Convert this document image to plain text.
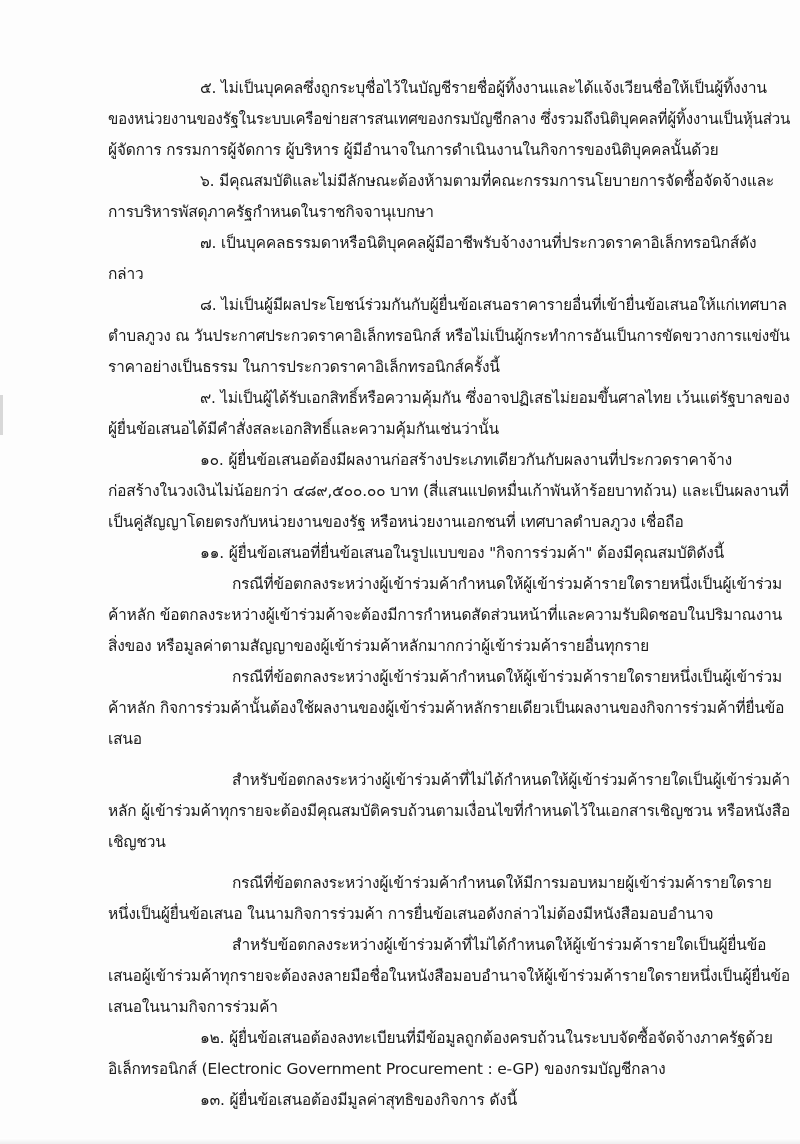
๕. ไม่เป็นบุคคลซึ่งถูกระบุชื่อไว้ในบัญชีรายชื่อผู้ทิ้งงานและได้แจ้งเวียนชื่อให้เป็นผู้ทิ้งงาน
ของหน่วยงานของรัฐในระบบเครือข่ายสารสนเทศของกรมบัญชีกลาง ซึ่งรวมถึงนิติบุคคลที่ผู้ทิ้งงานเป็นหุ้นส่วน
ผู้จัดการ กรรมการผู้จัดการ ผู้บริหาร ผู้มีอำนาจในการดำเนินงานในกิจการของนิติบุคคลนั้นด้วย
๖. มีคุณสมบัติและไม่มีลักษณะต้องห้ามตามที่คณะกรรมการนโยบายการจัดซื้อจัดจ้างและ
การบริหารพัสดุภาครัฐกำหนดในราชกิจจานุเบกษา
๗. เป็นบุคคลธรรมดาหรือนิติบุคคลผู้มีอาชีพรับจ้างงานที่ประกวดราคาอิเล็กทรอนิกส์ดัง
กล่าว
๘. ไม่เป็นผู้มีผลประโยชน์ร่วมกันกับผู้ยื่นข้อเสนอราคารายอื่นที่เข้ายื่นข้อเสนอให้แก่เทศบาล
ตำบลภูวง ณ วันประกาศประกวดราคาอิเล็กทรอนิกส์ หรือไม่เป็นผู้กระทำการอันเป็นการขัดขวางการแข่งขัน
ราคาอย่างเป็นธรรม ในการประกวดราคาอิเล็กทรอนิกส์ครั้งนี้
๙. ไม่เป็นผู้ได้รับเอกสิทธิ์หรือความคุ้มกัน ซึ่งอาจปฏิเสธไม่ยอมขึ้นศาลไทย เว้นแต่รัฐบาลของ
ผู้ยื่นข้อเสนอได้มีคำสั่งสละเอกสิทธิ์และความคุ้มกันเช่นว่านั้น
๑๐. ผู้ยื่นข้อเสนอต้องมีผลงานก่อสร้างประเภทเดียวกันกับผลงานที่ประกวดราคาจ้าง
ก่อสร้างในวงเงินไม่น้อยกว่า ๔๘๙,๕๐๐.๐๐ บาท (สี่แสนแปดหมื่นเก้าพันห้าร้อยบาทถ้วน) และเป็นผลงานที่
เป็นคู่สัญญาโดยตรงกับหน่วยงานของรัฐ หรือหน่วยงานเอกชนที่ เทศบาลตำบลภูวง เชื่อถือ
๑๑. ผู้ยื่นข้อเสนอที่ยื่นข้อเสนอในรูปแบบของ "กิจการร่วมค้า" ต้องมีคุณสมบัติดังนี้
กรณีที่ข้อตกลงระหว่างผู้เข้าร่วมค้ากำหนดให้ผู้เข้าร่วมค้ารายใดรายหนึ่งเป็นผู้เข้าร่วม
ค้าหลัก ข้อตกลงระหว่างผู้เข้าร่วมค้าจะต้องมีการกำหนดสัดส่วนหน้าที่และความรับผิดชอบในปริมาณงาน
สิ่งของ หรือมูลค่าตามสัญญาของผู้เข้าร่วมค้าหลักมากกว่าผู้เข้าร่วมค้ารายอื่นทุกราย
กรณีที่ข้อตกลงระหว่างผู้เข้าร่วมค้ากำหนดให้ผู้เข้าร่วมค้ารายใดรายหนึ่งเป็นผู้เข้าร่วม
ค้าหลัก กิจการร่วมค้านั้นต้องใช้ผลงานของผู้เข้าร่วมค้าหลักรายเดียวเป็นผลงานของกิจการร่วมค้าที่ยื่นข้อ
เสนอ
สำหรับข้อตกลงระหว่างผู้เข้าร่วมค้าที่ไม่ได้กำหนดให้ผู้เข้าร่วมค้ารายใดเป็นผู้เข้าร่วมค้า
หลัก ผู้เข้าร่วมค้าทุกรายจะต้องมีคุณสมบัติครบถ้วนตามเงื่อนไขที่กำหนดไว้ในเอกสารเชิญชวน หรือหนังสือ
เชิญชวน
กรณีที่ข้อตกลงระหว่างผู้เข้าร่วมค้ากำหนดให้มีการมอบหมายผู้เข้าร่วมค้ารายใดราย
หนึ่งเป็นผู้ยื่นข้อเสนอ ในนามกิจการร่วมค้า การยื่นข้อเสนอดังกล่าวไม่ต้องมีหนังสือมอบอำนาจ
สำหรับข้อตกลงระหว่างผู้เข้าร่วมค้าที่ไม่ได้กำหนดให้ผู้เข้าร่วมค้ารายใดเป็นผู้ยื่นข้อ
เสนอผู้เข้าร่วมค้าทุกรายจะต้องลงลายมือชื่อในหนังสือมอบอำนาจให้ผู้เข้าร่วมค้ารายใดรายหนึ่งเป็นผู้ยื่นข้อ
เสนอในนามกิจการร่วมค้า
๑๒. ผู้ยื่นข้อเสนอต้องลงทะเบียนที่มีข้อมูลถูกต้องครบถ้วนในระบบจัดซื้อจัดจ้างภาครัฐด้วย
อิเล็กทรอนิกส์ (Electronic Government Procurement : e-GP) ของกรมบัญชีกลาง
๑๓. ผู้ยื่นข้อเสนอต้องมีมูลค่าสุทธิของกิจการ ดังนี้
